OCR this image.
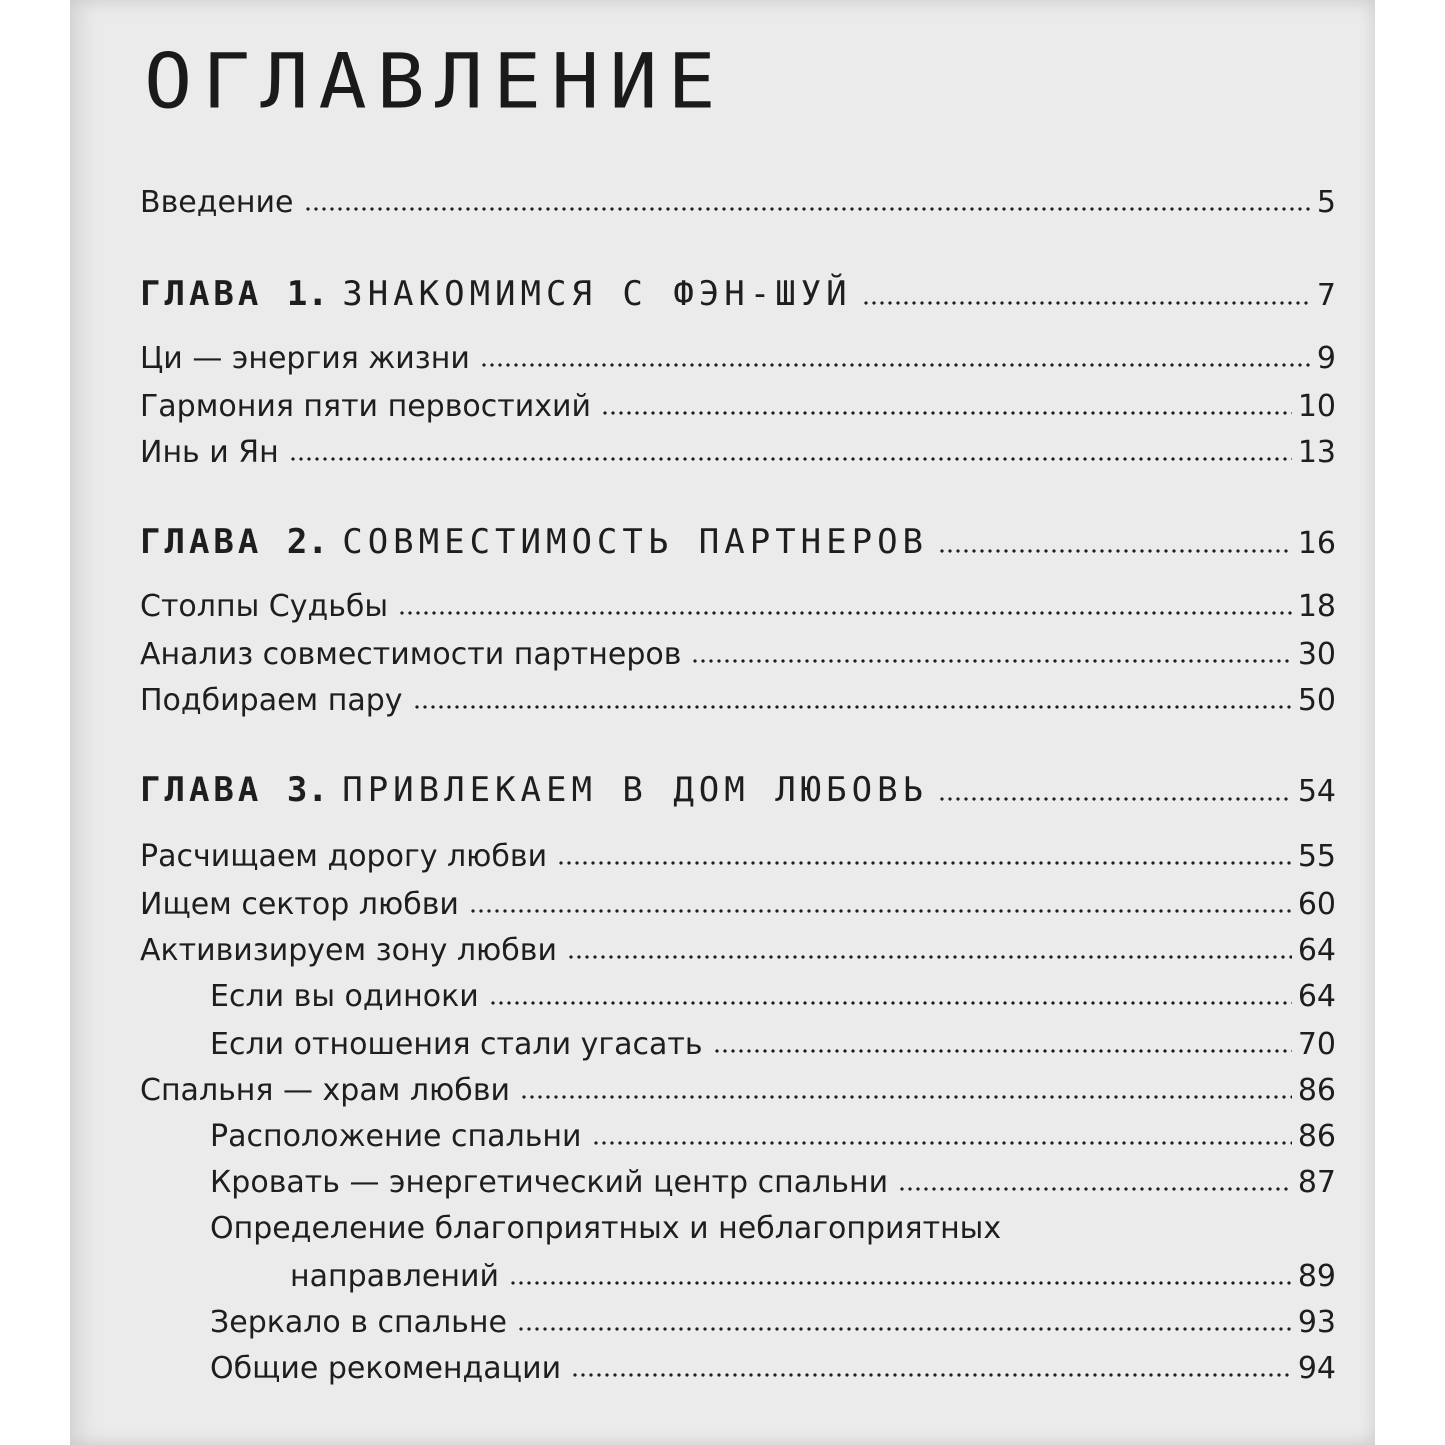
ОГЛАВЛЕНИЕ
Введение	5
ГЛАВА 1. ЗНАКОМИМСЯ С ФЭН-ШУЙ	7
Ци — энергия жизни	9
Гармония пяти первостихий	10
Инь и Ян	13
ГЛАВА 2. СОВМЕСТИМОСТЬ ПАРТНЕРОВ	16
Столпы Судьбы	18
Анализ совместимости партнеров	30
Подбираем пару	50
ГЛАВА 3. ПРИВЛЕКАЕМ В ДОМ ЛЮБОВЬ	54
Расчищаем дорогу любви	55
Ищем сектор любви	60
Активизируем зону любви	64
Если вы одиноки	64
Если отношения стали угасать	70
Спальня — храм любви	86
Расположение спальни	86
Кровать — энергетический центр спальни	87
Определение благоприятных и неблагоприятных
направлений	89
Зеркало в спальне	93
Общие рекомендации	94
